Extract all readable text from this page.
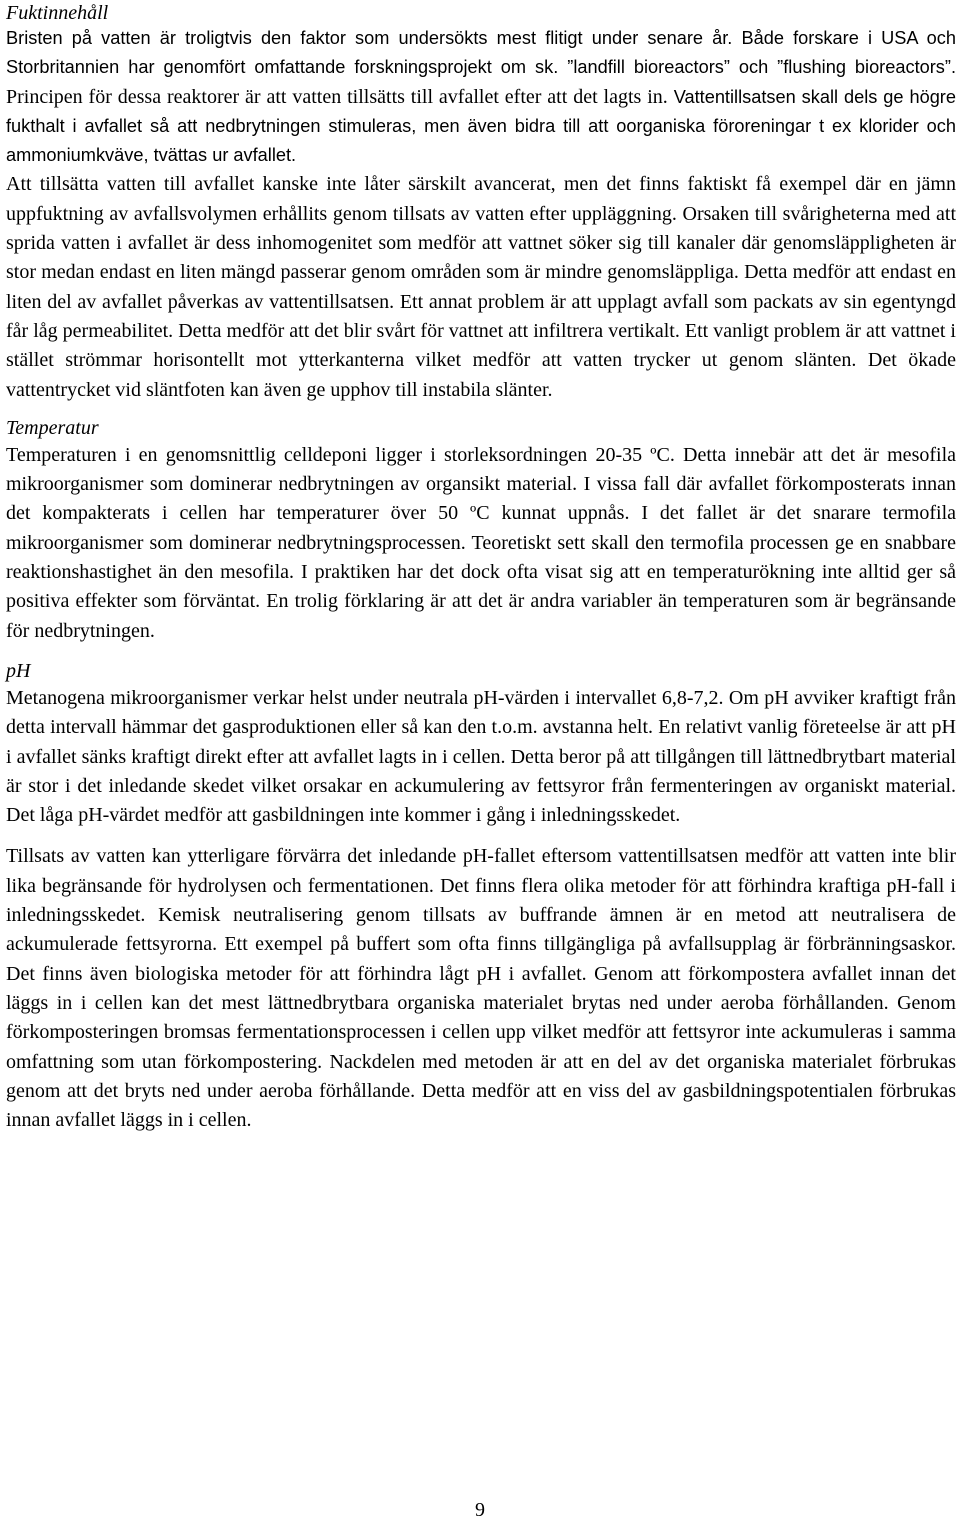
Fuktinnehåll

Bristen på vatten är troligtvis den faktor som undersökts mest flitigt under senare år. Både forskare i USA och Storbritannien har genomfört omfattande forskningsprojekt om sk. ”landfill bioreactors” och ”flushing bioreactors”. Principen för dessa reaktorer är att vatten tillsätts till avfallet efter att det lagts in. Vattentillsatsen skall dels ge högre fukthalt i avfallet så att nedbrytningen stimuleras, men även bidra till att oorganiska föroreningar t ex klorider och ammoniumkväve, tvättas ur avfallet.

Att tillsätta vatten till avfallet kanske inte låter särskilt avancerat, men det finns faktiskt få exempel där en jämn uppfuktning av avfallsvolymen erhållits genom tillsats av vatten efter uppläggning. Orsaken till svårigheterna med att sprida vatten i avfallet är dess inhomogenitet som medför att vattnet söker sig till kanaler där genomsläppligheten är stor medan endast en liten mängd passerar genom områden som är mindre genomsläppliga. Detta medför att endast en liten del av avfallet påverkas av vattentillsatsen. Ett annat problem är att upplagt avfall som packats av sin egentyngd får låg permeabilitet. Detta medför att det blir svårt för vattnet att infiltrera vertikalt. Ett vanligt problem är att vattnet i stället strömmar horisontellt mot ytterkanterna vilket medför att vatten trycker ut genom slänten. Det ökade vattentrycket vid släntfoten kan även ge upphov till instabila slänter.

Temperatur

Temperaturen i en genomsnittlig celldeponi ligger i storleksordningen 20-35 ºC. Detta innebär att det är mesofila mikroorganismer som dominerar nedbrytningen av organsikt material. I vissa fall där avfallet förkomposterats innan det kompakterats i cellen har temperaturer över 50 ºC kunnat uppnås. I det fallet är det snarare termofila mikroorganismer som dominerar nedbrytningsprocessen. Teoretiskt sett skall den termofila processen ge en snabbare reaktionshastighet än den mesofila. I praktiken har det dock ofta visat sig att en temperaturökning inte alltid ger så positiva effekter som förväntat. En trolig förklaring är att det är andra variabler än temperaturen som är begränsande för nedbrytningen.

pH

Metanogena mikroorganismer verkar helst under neutrala pH-värden i intervallet 6,8-7,2. Om pH avviker kraftigt från detta intervall hämmar det gasproduktionen eller så kan den t.o.m. avstanna helt. En relativt vanlig företeelse är att pH i avfallet sänks kraftigt direkt efter att avfallet lagts in i cellen. Detta beror på att tillgången till lättnedbrytbart material är stor i det inledande skedet vilket orsakar en ackumulering av fettsyror från fermenteringen av organiskt material. Det låga pH-värdet medför att gasbildningen inte kommer i gång i inledningsskedet.

Tillsats av vatten kan ytterligare förvärra det inledande pH-fallet eftersom vattentillsatsen medför att vatten inte blir lika begränsande för hydrolysen och fermentationen. Det finns flera olika metoder för att förhindra kraftiga pH-fall i inledningsskedet. Kemisk neutralisering genom tillsats av buffrande ämnen är en metod att neutralisera de ackumulerade fettsyrorna. Ett exempel på buffert som ofta finns tillgängliga på avfallsupplag är förbränningsaskor. Det finns även biologiska metoder för att förhindra lågt pH i avfallet. Genom att förkompostera avfallet innan det läggs in i cellen kan det mest lättnedbrytbara organiska materialet brytas ned under aeroba förhållanden. Genom förkomposteringen bromsas fermentationsprocessen i cellen upp vilket medför att fettsyror inte ackumuleras i samma omfattning som utan förkompostering. Nackdelen med metoden är att en del av det organiska materialet förbrukas genom att det bryts ned under aeroba förhållande. Detta medför att en viss del av gasbildningspotentialen förbrukas innan avfallet läggs in i cellen.

9
